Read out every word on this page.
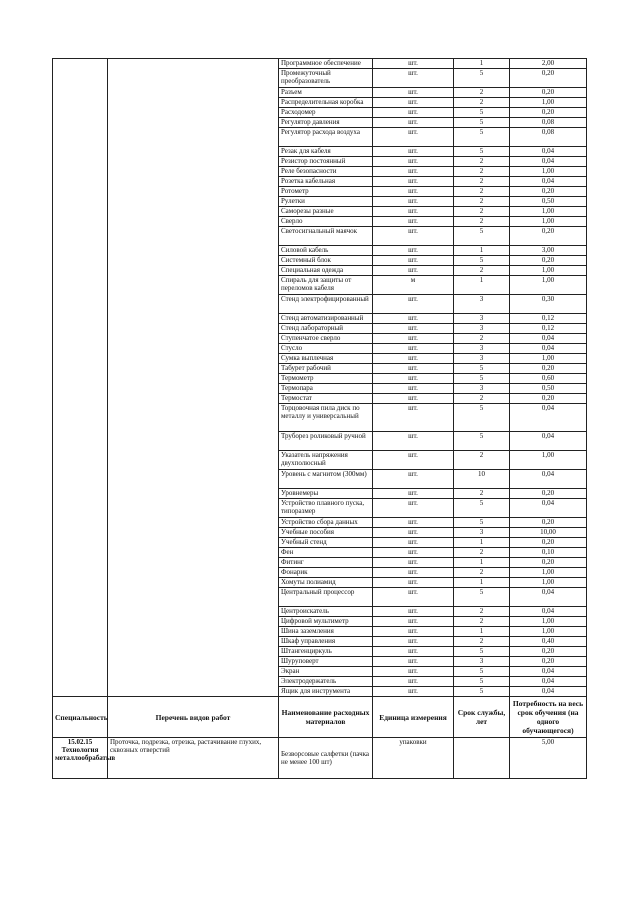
		Программное обеспечение	шт.	1	2,00
		Промежуточный преобразователь	шт.	5	0,20
		Разъем	шт.	2	0,20
		Распределительная коробка	шт.	2	1,00
		Расходомер	шт.	5	0,20
		Регулятор давления	шт.	5	0,08
		Регулятор расхода воздуха	шт.	5	0,08
		Резак для кабеля	шт.	5	0,04
		Резистор постоянный	шт.	2	0,04
		Реле безопасности	шт.	2	1,00
		Розетка кабельная	шт.	2	0,04
		Ротометр	шт.	2	0,20
		Рулетки	шт.	2	0,50
		Саморезы разные	шт.	2	1,00
		Сверло	шт.	2	1,00
		Светосигнальный маячок	шт.	5	0,20
		Силовой кабель	шт.	1	3,00
		Системный блок	шт.	5	0,20
		Специальная одежда	шт.	2	1,00
		Спираль для защиты от переломов кабеля	м	1	1,00
		Стенд электрофицированный	шт.	3	0,30
		Стенд автоматизированный	шт.	3	0,12
		Стенд лабораторный	шт.	3	0,12
		Ступенчатое сверло	шт.	2	0,04
		Стусло	шт.	3	0,04
		Сумка выплечная	шт.	3	1,00
		Табурет рабочий	шт.	5	0,20
		Термометр	шт.	5	0,60
		Термопара	шт.	3	0,50
		Термостат	шт.	2	0,20
		Торцовочная пила диск по металлу и универсальный	шт.	5	0,04
		Труборез роликовый ручной	шт.	5	0,04
		Указатель напряжения двухполюсный	шт.	2	1,00
		Уровень с магнитом (300мм)	шт.	10	0,04
		Уровнемеры	шт.	2	0,20
		Устройство плавного пуска, типоразмер	шт.	5	0,04
		Устройство сбора данных	шт.	5	0,20
		Учебные пособия	шт.	3	10,00
		Учебный стенд	шт.	1	0,20
		Фен	шт.	2	0,10
		Фитинг	шт.	1	0,20
		Фонарик	шт.	2	1,00
		Хомуты полиамид	шт.	1	1,00
		Центральный процессор	шт.	5	0,04
		Центроискатель	шт.	2	0,04
		Цифровой мультиметр	шт.	2	1,00
		Шина заземления	шт.	1	1,00
		Шкаф управления	шт.	2	0,40
		Штангенциркуль	шт.	5	0,20
		Шуруповерт	шт.	3	0,20
		Экран	шт.	5	0,04
		Электродержатель	шт.	5	0,04
		Ящик для инструмента	шт.	5	0,04
Специальность	Перечень видов работ	Наименование расходных материалов	Единица измерения	Срок службы, лет	Потребность на весь срок обучения (на одного обучающегося)
15.02.15 Технология металлообрабатыв	Проточка, подрезка, отрезка, растачивание глухих, сквозных отверстий	Безворсовые салфетки (пачка не менее 100 шт)	упаковки		5,00
